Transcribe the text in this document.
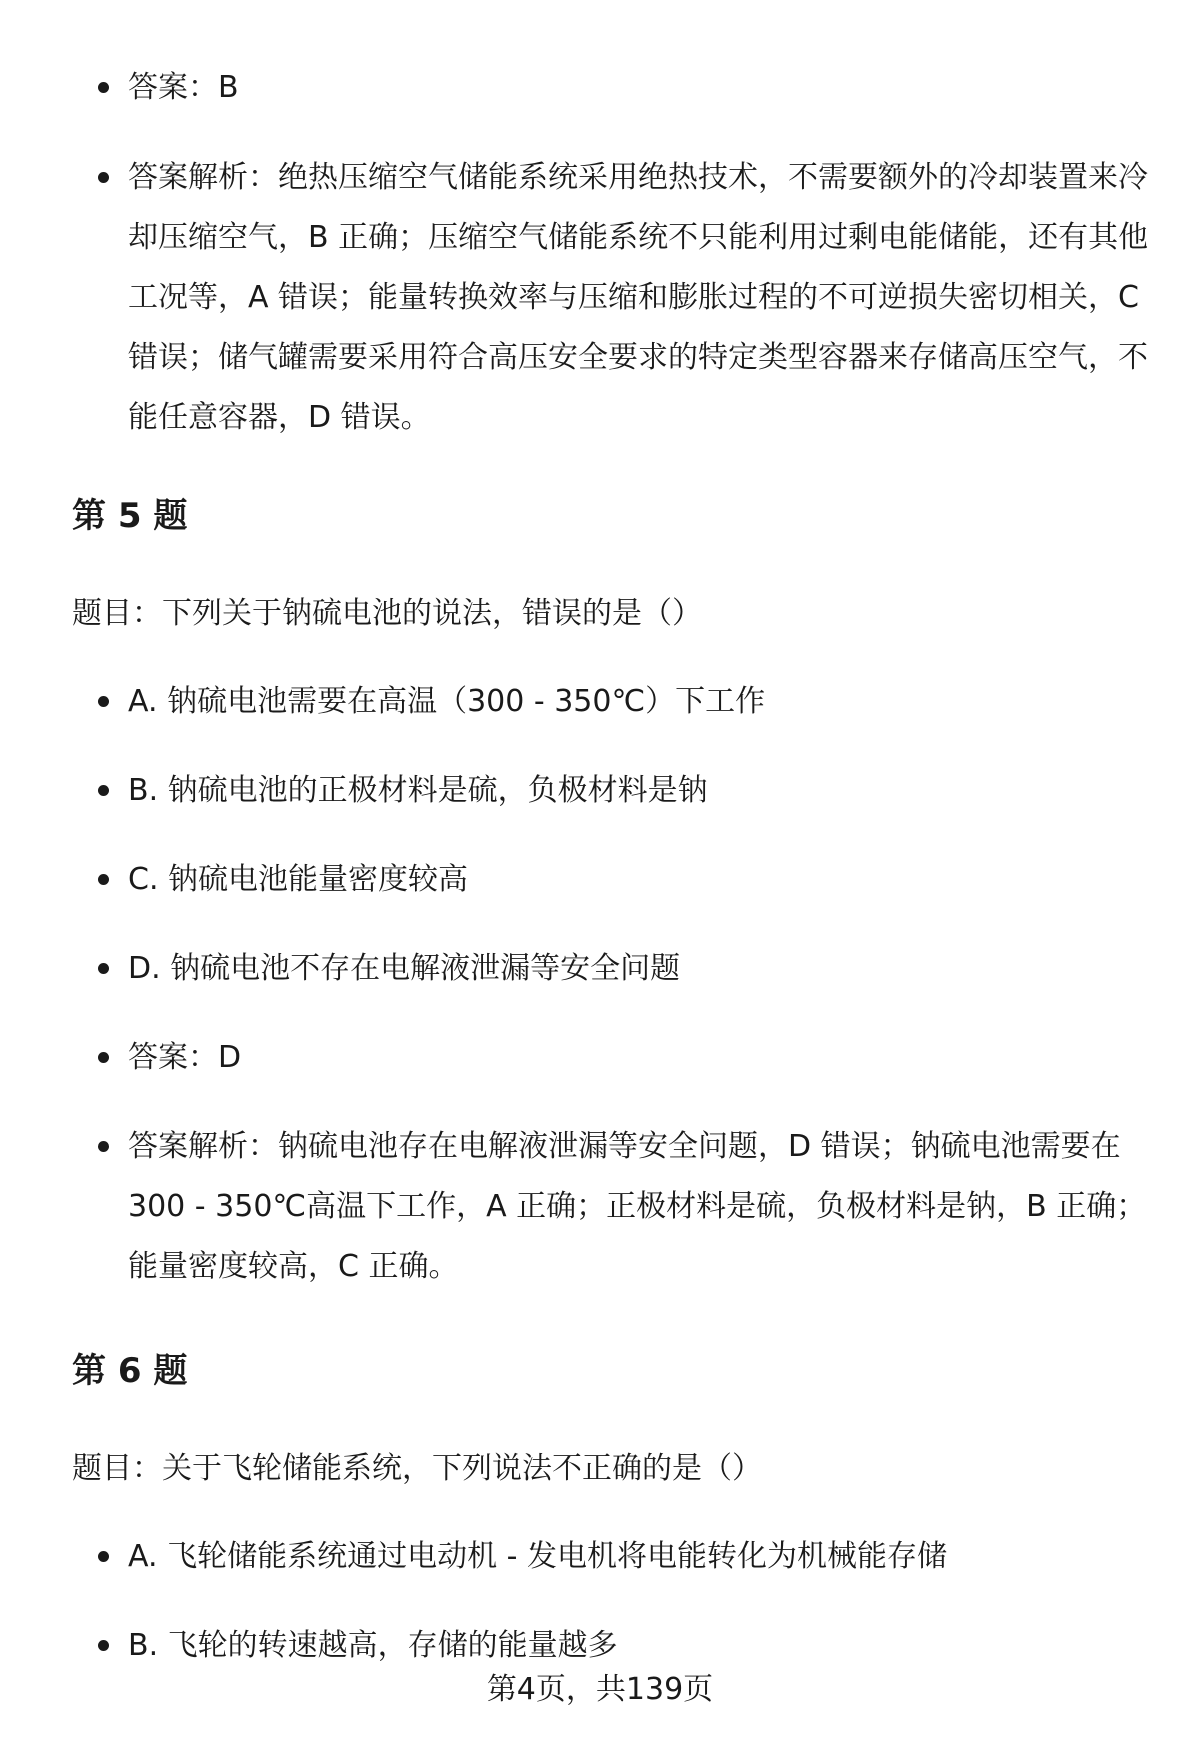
答案：B
答案解析：绝热压缩空气储能系统采用绝热技术，不需要额外的冷却装置来冷却压缩空气，B 正确；压缩空气储能系统不只能利用过剩电能储能，还有其他工况等，A 错误；能量转换效率与压缩和膨胀过程的不可逆损失密切相关，C 错误；储气罐需要采用符合高压安全要求的特定类型容器来存储高压空气，不能任意容器，D 错误。
第 5 题
题目：下列关于钠硫电池的说法，错误的是（）
A. 钠硫电池需要在高温（300 - 350℃）下工作
B. 钠硫电池的正极材料是硫，负极材料是钠
C. 钠硫电池能量密度较高
D. 钠硫电池不存在电解液泄漏等安全问题
答案：D
答案解析：钠硫电池存在电解液泄漏等安全问题，D 错误；钠硫电池需要在 300 - 350℃高温下工作，A 正确；正极材料是硫，负极材料是钠，B 正确；能量密度较高，C 正确。
第 6 题
题目：关于飞轮储能系统，下列说法不正确的是（）
A. 飞轮储能系统通过电动机 - 发电机将电能转化为机械能存储
B. 飞轮的转速越高，存储的能量越多
第4页，共139页
